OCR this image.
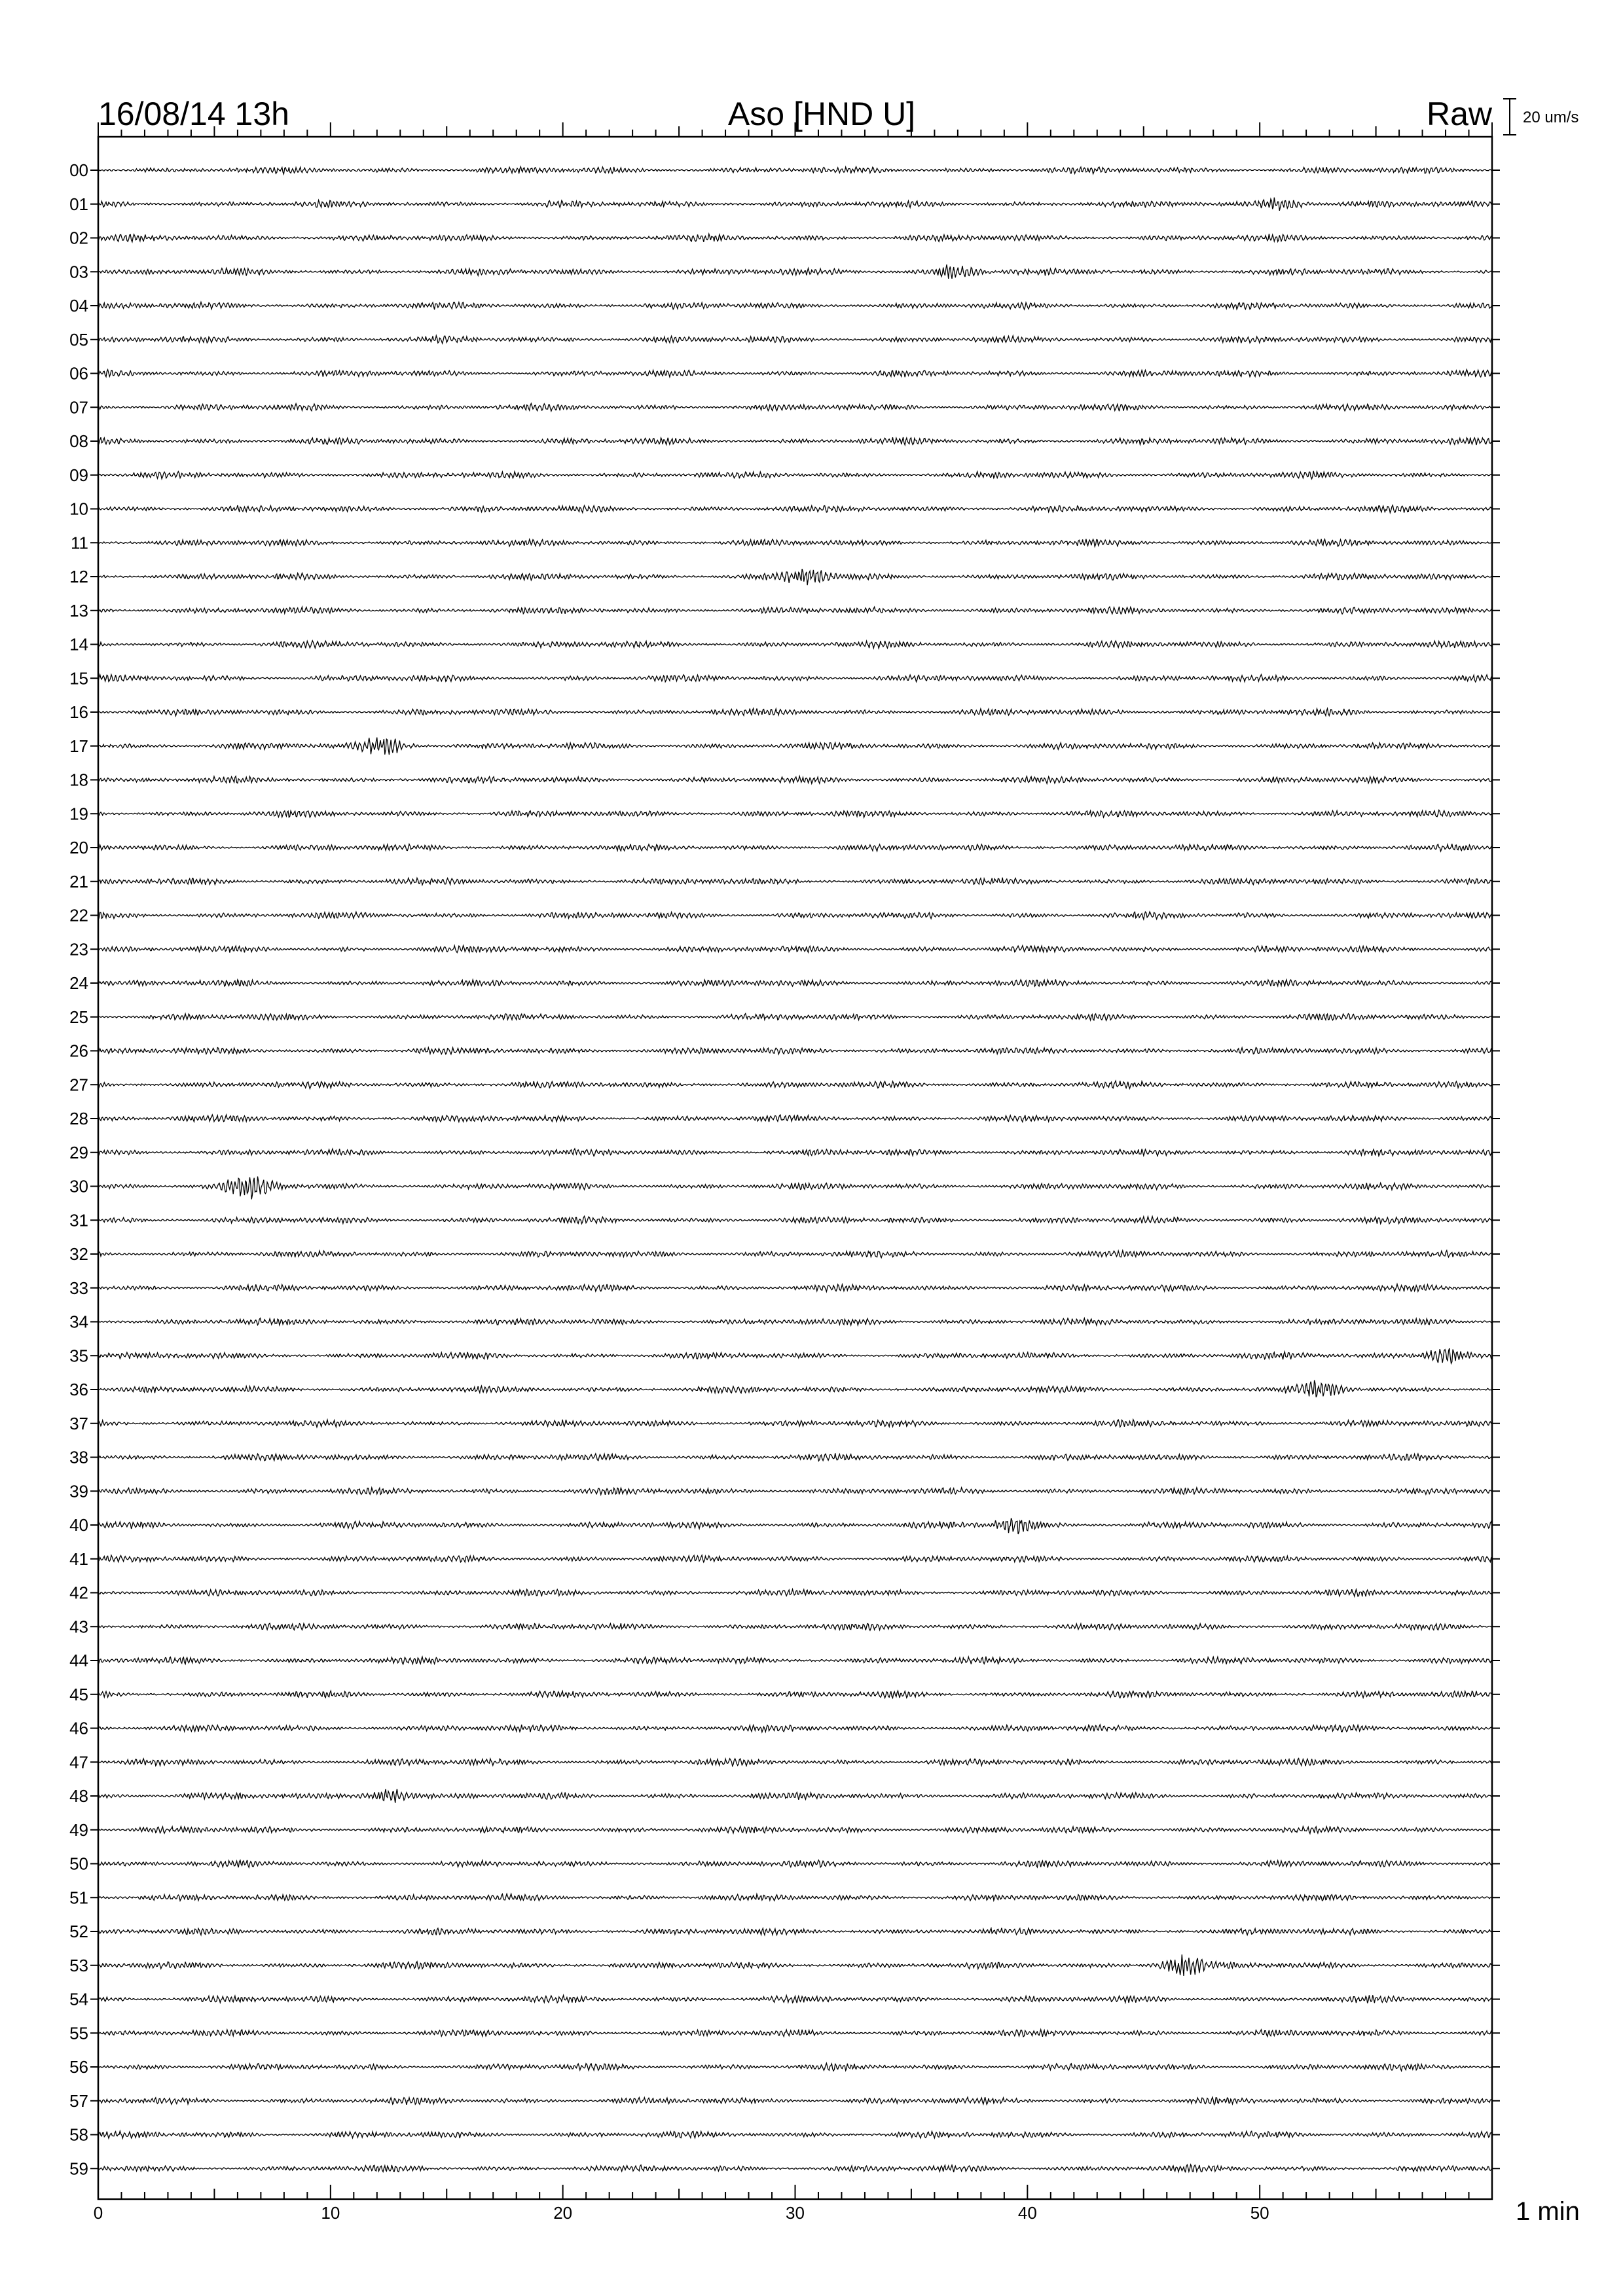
16/08/14 13h	Aso [HND U]	Raw 20 um/s
00
01
02
03
04
05
06
07
08
09
10
11
12
13
14
15
16
17
18
19
20
21
22
23
24
25
26
27
28
29
30
31
32
33
34
35
36
37
38
39
40
41
42
43
44
45
46
47
48
49
50
51
52
53
54
55
56
57
58
59
0	10	20	30	40	50	1 min
